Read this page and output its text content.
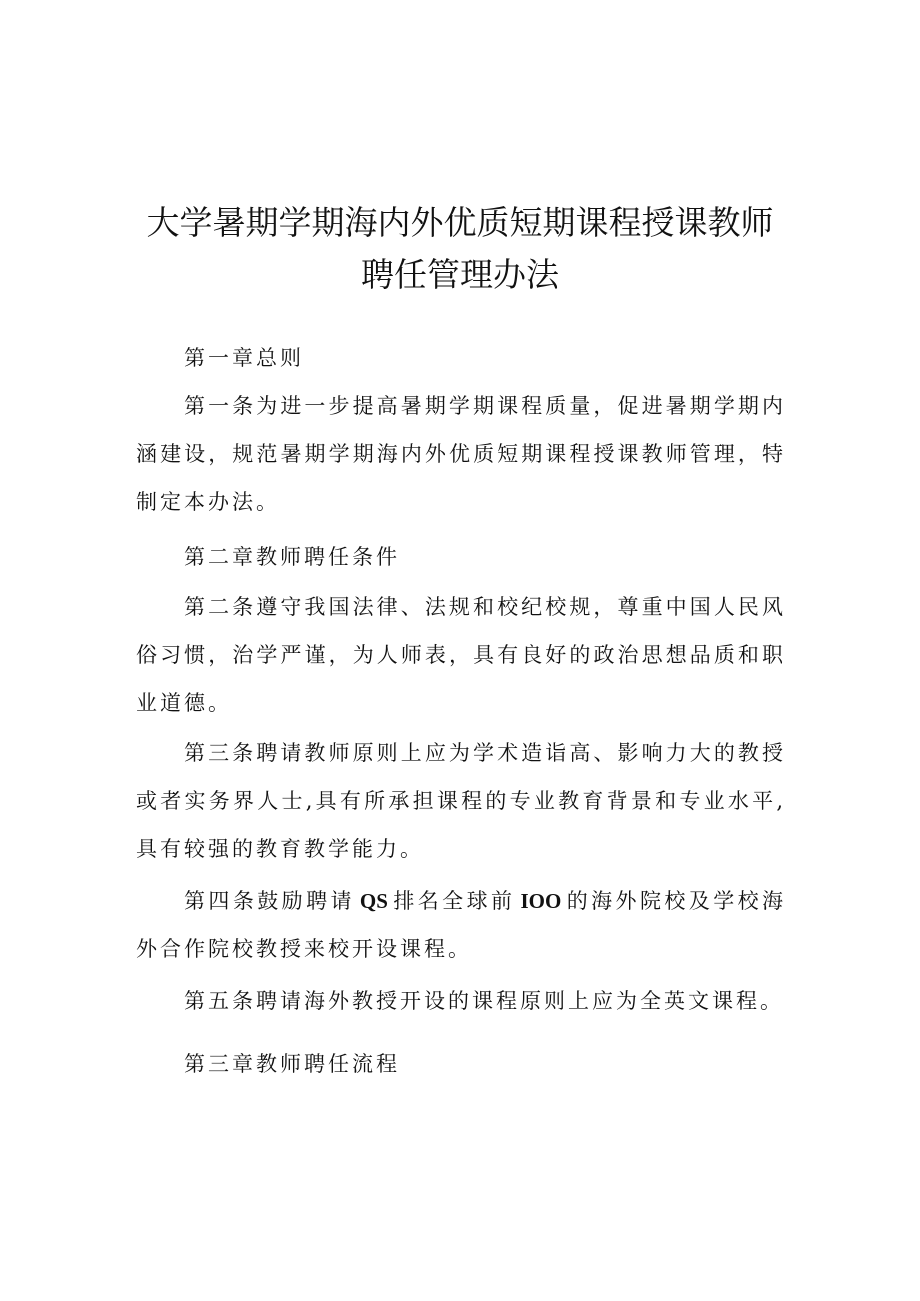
大学暑期学期海内外优质短期课程授课教师
聘任管理办法

第一章总则

第一条为进一步提高暑期学期课程质量，促进暑期学期内涵建设，规范暑期学期海内外优质短期课程授课教师管理，特制定本办法。

第二章教师聘任条件

第二条遵守我国法律、法规和校纪校规，尊重中国人民风俗习惯，治学严谨，为人师表，具有良好的政治思想品质和职业道德。

第三条聘请教师原则上应为学术造诣高、影响力大的教授或者实务界人士,具有所承担课程的专业教育背景和专业水平,具有较强的教育教学能力。

第四条鼓励聘请 QS 排名全球前 IOO 的海外院校及学校海外合作院校教授来校开设课程。

第五条聘请海外教授开设的课程原则上应为全英文课程。

第三章教师聘任流程
